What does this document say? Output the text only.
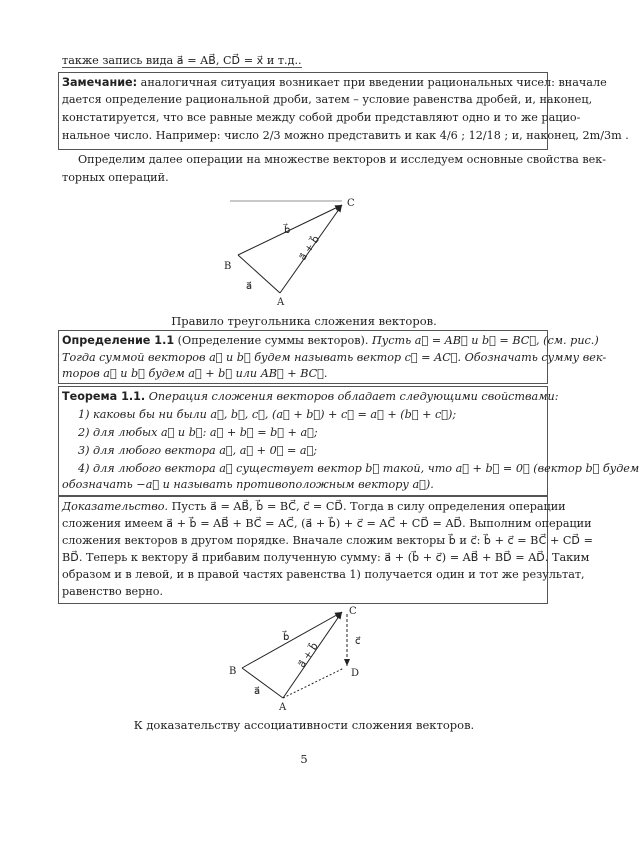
также запись вида a⃗ = AB⃗, CD⃗ = x⃗ и т.д..
Замечание: аналогичная ситуация возникает при введении рациональных чисел: вначале
дается определение рациональной дроби, затем – условие равенства дробей, и, наконец,
констатируется, что все равные между собой дроби представляют одно и то же рацио-
нальное число. Например: число 2/3 можно представить и как 4/6 ; 12/18 ; и, наконец, 2m/3m .
Определим далее операции на множестве векторов и исследуем основные свойства век-
торных операций.
C
B
A
b⃗
a⃗
a⃗ + b⃗
Правило треугольника сложения векторов.
Определение 1.1 (Определение суммы векторов). Пусть a⃗ = AB⃗ и b⃗ = BC⃗, (см. рис.)
Тогда суммой векторов a⃗ и b⃗ будем называть вектор c⃗ = AC⃗. Обозначать сумму век-
торов a⃗ и b⃗ будем a⃗ + b⃗ или AB⃗ + BC⃗.
Теорема 1.1. Операция сложения векторов обладает следующими свойствами:
1) каковы бы ни были a⃗, b⃗, c⃗, (a⃗ + b⃗) + c⃗ = a⃗ + (b⃗ + c⃗);
2) для любых a⃗ и b⃗: a⃗ + b⃗ = b⃗ + a⃗;
3) для любого вектора a⃗, a⃗ + 0⃗ = a⃗;
4) для любого вектора a⃗ существует вектор b⃗ такой, что a⃗ + b⃗ = 0⃗ (вектор b⃗ будем
обозначать −a⃗ и называть противоположным вектору a⃗).
Доказательство. Пусть a⃗ = AB⃗, b⃗ = BC⃗, c⃗ = CD⃗. Тогда в силу определения операции
сложения имеем a⃗ + b⃗ = AB⃗ + BC⃗ = AC⃗, (a⃗ + b⃗) + c⃗ = AC⃗ + CD⃗ = AD⃗. Выполним операции
сложения векторов в другом порядке. Вначале сложим векторы b⃗ и c⃗: b⃗ + c⃗ = BC⃗ + CD⃗ =
BD⃗. Теперь к вектору a⃗ прибавим полученную сумму: a⃗ + (b⃗ + c⃗) = AB⃗ + BD⃗ = AD⃗. Таким
образом и в левой, и в правой частях равенства 1) получается один и тот же результат,
равенство верно.
C
B	D
A
b⃗
a⃗
c⃗
a⃗ + b⃗
К доказательству ассоциативности сложения векторов.
5
